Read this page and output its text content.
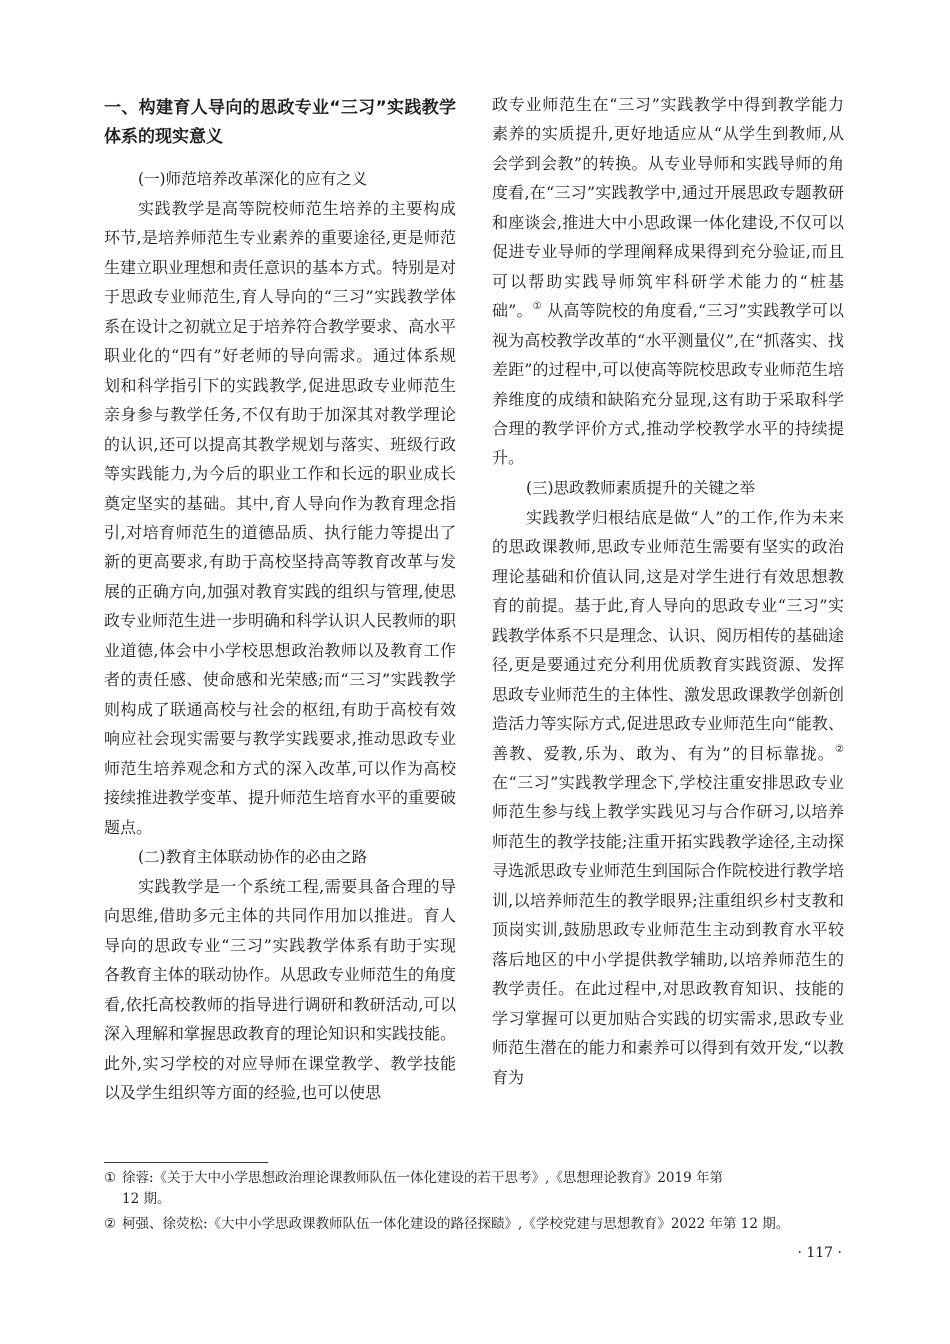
一、构建育人导向的思政专业“三习”实践教学体系的现实意义
(一)师范培养改革深化的应有之义

实践教学是高等院校师范生培养的主要构成环节,是培养师范生专业素养的重要途径,更是师范生建立职业理想和责任意识的基本方式。特别是对于思政专业师范生,育人导向的“三习”实践教学体系在设计之初就立足于培养符合教学要求、高水平职业化的“四有”好老师的导向需求。通过体系规划和科学指引下的实践教学,促进思政专业师范生亲身参与教学任务,不仅有助于加深其对教学理论的认识,还可以提高其教学规划与落实、班级行政等实践能力,为今后的职业工作和长远的职业成长奠定坚实的基础。其中,育人导向作为教育理念指引,对培育师范生的道德品质、执行能力等提出了新的更高要求,有助于高校坚持高等教育改革与发展的正确方向,加强对教育实践的组织与管理,使思政专业师范生进一步明确和科学认识人民教师的职业道德,体会中小学校思想政治教师以及教育工作者的责任感、使命感和光荣感;而“三习”实践教学则构成了联通高校与社会的枢纽,有助于高校有效响应社会现实需要与教学实践要求,推动思政专业师范生培养观念和方式的深入改革,可以作为高校接续推进教学变革、提升师范生培育水平的重要破题点。

(二)教育主体联动协作的必由之路

实践教学是一个系统工程,需要具备合理的导向思维,借助多元主体的共同作用加以推进。育人导向的思政专业“三习”实践教学体系有助于实现各教育主体的联动协作。从思政专业师范生的角度看,依托高校教师的指导进行调研和教研活动,可以深入理解和掌握思政教育的理论知识和实践技能。此外,实习学校的对应导师在课堂教学、教学技能以及学生组织等方面的经验,也可以使思

政专业师范生在“三习”实践教学中得到教学能力素养的实质提升,更好地适应从“从学生到教师,从会学到会教”的转换。从专业导师和实践导师的角度看,在“三习”实践教学中,通过开展思政专题教研和座谈会,推进大中小思政课一体化建设,不仅可以促进专业导师的学理阐释成果得到充分验证,而且可以帮助实践导师筑牢科研学术能力的“桩基础”。① 从高等院校的角度看,“三习”实践教学可以视为高校教学改革的“水平测量仪”,在“抓落实、找差距”的过程中,可以使高等院校思政专业师范生培养维度的成绩和缺陷充分显现,这有助于采取科学合理的教学评价方式,推动学校教学水平的持续提升。

(三)思政教师素质提升的关键之举

实践教学归根结底是做“人”的工作,作为未来的思政课教师,思政专业师范生需要有坚实的政治理论基础和价值认同,这是对学生进行有效思想教育的前提。基于此,育人导向的思政专业“三习”实践教学体系不只是理念、认识、阅历相传的基础途径,更是要通过充分利用优质教育实践资源、发挥思政专业师范生的主体性、激发思政课教学创新创造活力等实际方式,促进思政专业师范生向“能教、善教、爱教,乐为、敢为、有为”的目标靠拢。② 在“三习”实践教学理念下,学校注重安排思政专业师范生参与线上教学实践见习与合作研习,以培养师范生的教学技能;注重开拓实践教学途径,主动探寻选派思政专业师范生到国际合作院校进行教学培训,以培养师范生的教学眼界;注重组织乡村支教和顶岗实训,鼓励思政专业师范生主动到教育水平较落后地区的中小学提供教学辅助,以培养师范生的教学责任。在此过程中,对思政教育知识、技能的学习掌握可以更加贴合实践的切实需求,思政专业师范生潜在的能力和素养可以得到有效开发,“以教育为

① 徐蓉:《关于大中小学思想政治理论课教师队伍一体化建设的若干思考》,《思想理论教育》2019 年第
12 期。
② 柯强、徐荧松:《大中小学思政课教师队伍一体化建设的路径探赜》,《学校党建与思想教育》2022 年第 12 期。
· 117 ·
